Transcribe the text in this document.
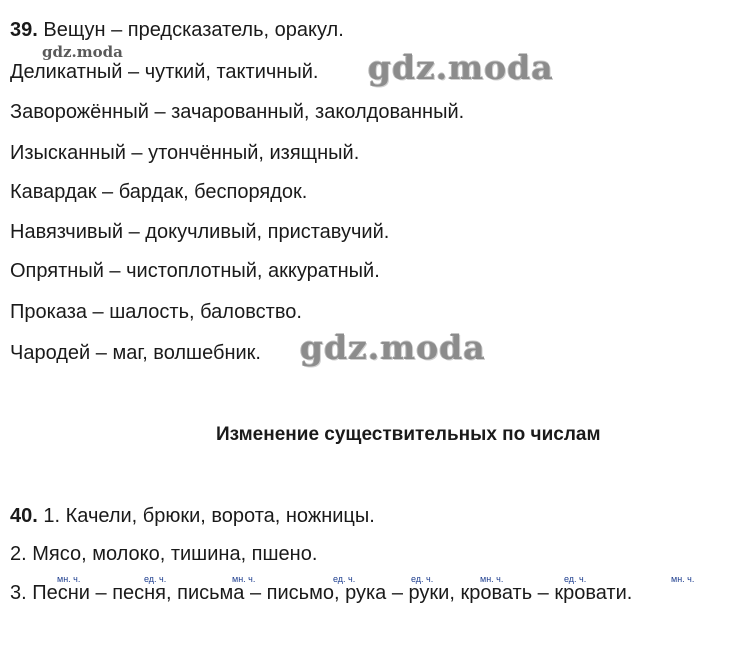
39. Вещун – предсказатель, оракул.
gdz.moda
Деликатный – чуткий, тактичный.
Заворожённый – зачарованный, заколдованный.
Изысканный – утончённый, изящный.
Кавардак – бардак, беспорядок.
Навязчивый – докучливый, приставучий.
Опрятный – чистоплотный, аккуратный.
Проказа – шалость, баловство.
Чародей – маг, волшебник.
gdz.moda
gdz.moda
Изменение существительных по числам
40. 1. Качели, брюки, ворота, ножницы.
2. Мясо, молоко, тишина, пшено.
мн. ч.	ед. ч.	мн. ч.	ед. ч.	ед. ч.	мн. ч.	ед. ч.	мн. ч.
3. Песни – песня, письма – письмо, рука – руки, кровать – кровати.
